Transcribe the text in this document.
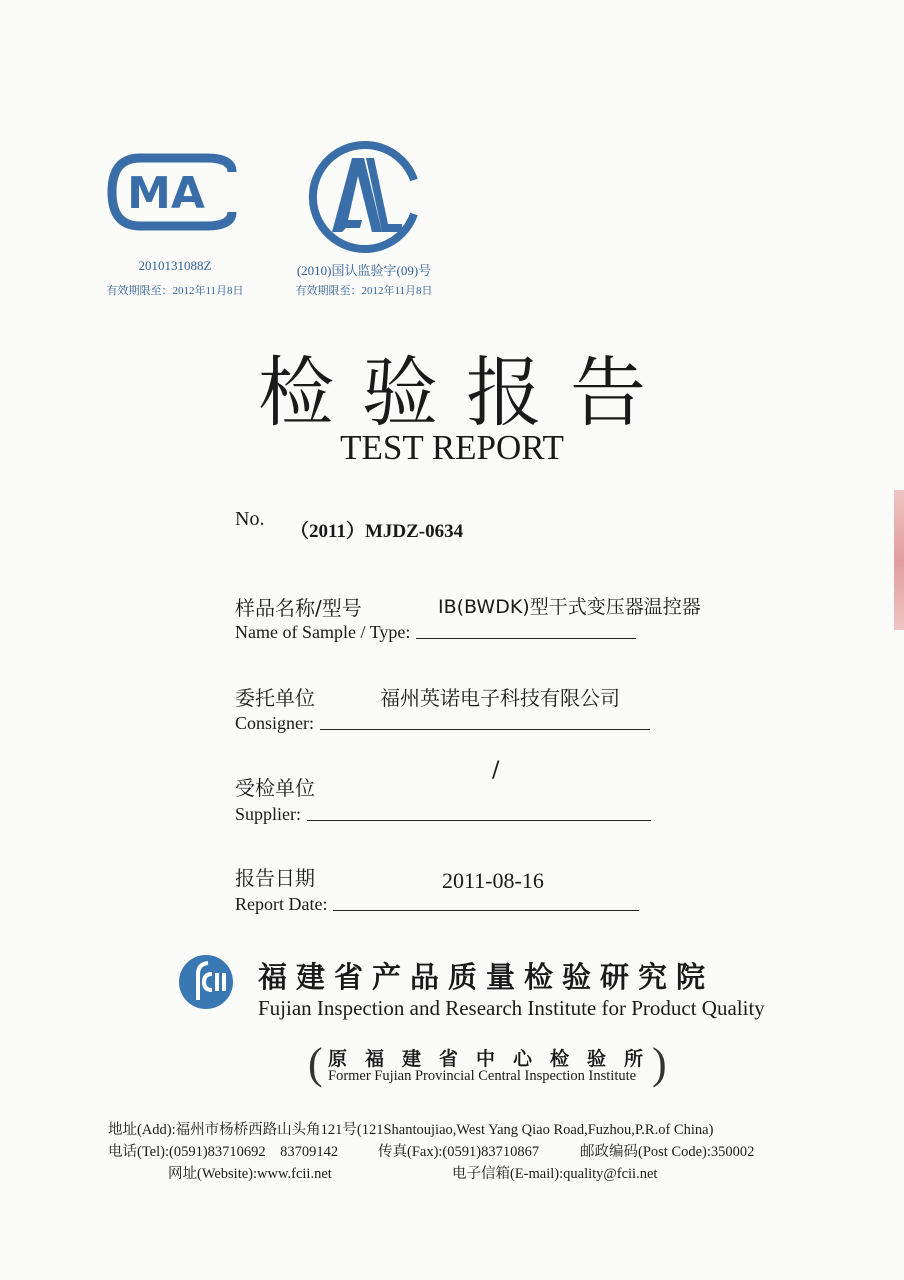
MA
2010131088Z
有效期限至：2012年11月8日
(2010)国认监验字(09)号
有效期限至：2012年11月8日
检验报告
TEST REPORT
No.
（2011）MJDZ-0634
样品名称/型号	IB(BWDK)型干式变压器温控器
Name of Sample / Type:
委托单位	福州英诺电子科技有限公司
Consigner:
/
受检单位
Supplier:
报告日期	2011-08-16
Report Date:
福建省产品质量检验研究院
Fujian Inspection and Research Institute for Product Quality
(	)
原福建省中心检验所
Former Fujian Provincial Central Inspection Institute
地址(Add):福州市杨桥西路山头角121号(121Shantoujiao,West Yang Qiao Road,Fuzhou,P.R.of China)
电话(Tel):(0591)83710692　83709142	传真(Fax):(0591)83710867	邮政编码(Post Code):350002
网址(Website):www.fcii.net	电子信箱(E-mail):quality@fcii.net
